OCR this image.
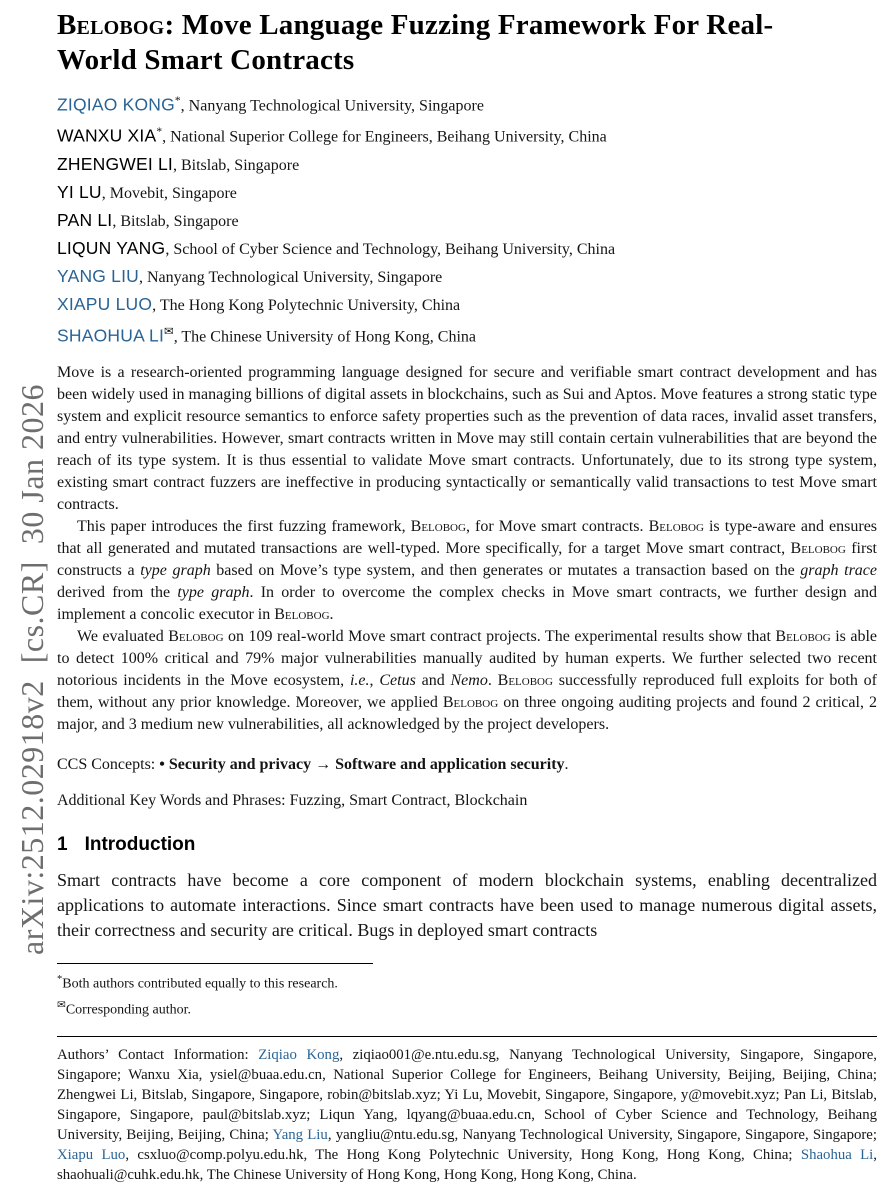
arXiv:2512.02918v2  [cs.CR]  30 Jan 2026
Belobog: Move Language Fuzzing Framework For Real-World Smart Contracts
ZIQIAO KONG*, Nanyang Technological University, Singapore
WANXU XIA*, National Superior College for Engineers, Beihang University, China
ZHENGWEI LI, Bitslab, Singapore
YI LU, Movebit, Singapore
PAN LI, Bitslab, Singapore
LIQUN YANG, School of Cyber Science and Technology, Beihang University, China
YANG LIU, Nanyang Technological University, Singapore
XIAPU LUO, The Hong Kong Polytechnic University, China
SHAOHUA LI✉, The Chinese University of Hong Kong, China

Move is a research-oriented programming language designed for secure and verifiable smart contract development and has been widely used in managing billions of digital assets in blockchains, such as Sui and Aptos. Move features a strong static type system and explicit resource semantics to enforce safety properties such as the prevention of data races, invalid asset transfers, and entry vulnerabilities. However, smart contracts written in Move may still contain certain vulnerabilities that are beyond the reach of its type system. It is thus essential to validate Move smart contracts. Unfortunately, due to its strong type system, existing smart contract fuzzers are ineffective in producing syntactically or semantically valid transactions to test Move smart contracts.

This paper introduces the first fuzzing framework, Belobog, for Move smart contracts. Belobog is type-aware and ensures that all generated and mutated transactions are well-typed. More specifically, for a target Move smart contract, Belobog first constructs a type graph based on Move’s type system, and then generates or mutates a transaction based on the graph trace derived from the type graph. In order to overcome the complex checks in Move smart contracts, we further design and implement a concolic executor in Belobog.

We evaluated Belobog on 109 real-world Move smart contract projects. The experimental results show that Belobog is able to detect 100% critical and 79% major vulnerabilities manually audited by human experts. We further selected two recent notorious incidents in the Move ecosystem, i.e., Cetus and Nemo. Belobog successfully reproduced full exploits for both of them, without any prior knowledge. Moreover, we applied Belobog on three ongoing auditing projects and found 2 critical, 2 major, and 3 medium new vulnerabilities, all acknowledged by the project developers.

CCS Concepts: • Security and privacy → Software and application security.

Additional Key Words and Phrases: Fuzzing, Smart Contract, Blockchain

1 Introduction

Smart contracts have become a core component of modern blockchain systems, enabling decentralized applications to automate interactions. Since smart contracts have been used to manage numerous digital assets, their correctness and security are critical. Bugs in deployed smart contracts

*Both authors contributed equally to this research.
✉Corresponding author.

Authors’ Contact Information: Ziqiao Kong, ziqiao001@e.ntu.edu.sg, Nanyang Technological University, Singapore, Singapore, Singapore; Wanxu Xia, ysiel@buaa.edu.cn, National Superior College for Engineers, Beihang University, Beijing, Beijing, China; Zhengwei Li, Bitslab, Singapore, Singapore, robin@bitslab.xyz; Yi Lu, Movebit, Singapore, Singapore, y@movebit.xyz; Pan Li, Bitslab, Singapore, Singapore, paul@bitslab.xyz; Liqun Yang, lqyang@buaa.edu.cn, School of Cyber Science and Technology, Beihang University, Beijing, Beijing, China; Yang Liu, yangliu@ntu.edu.sg, Nanyang Technological University, Singapore, Singapore, Singapore; Xiapu Luo, csxluo@comp.polyu.edu.hk, The Hong Kong Polytechnic University, Hong Kong, Hong Kong, China; Shaohua Li, shaohuali@cuhk.edu.hk, The Chinese University of Hong Kong, Hong Kong, Hong Kong, China.
